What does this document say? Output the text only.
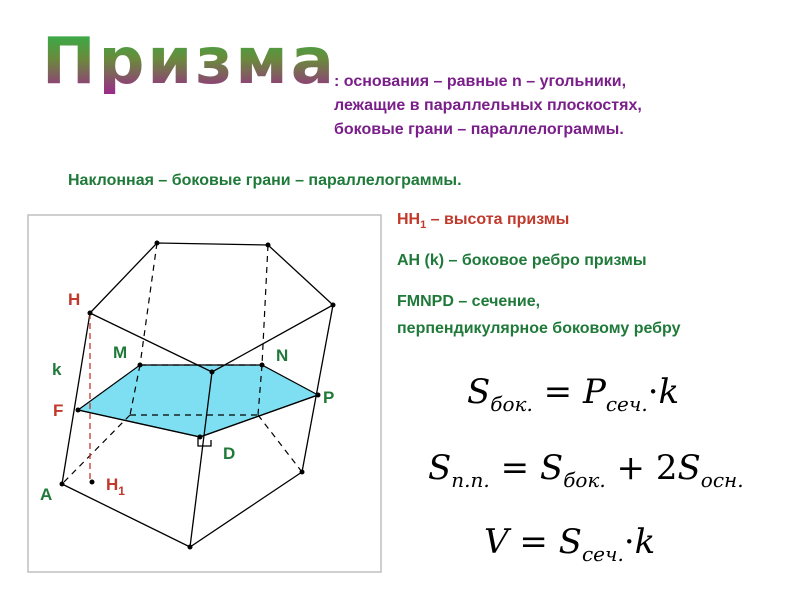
Призма
: основания – равные n – угольники,
лежащие в параллельных плоскостях,
боковые грани – параллелограммы.
Наклонная – боковые грани – параллелограммы.
$HH_1$ – высота призмы
AH (k) – боковое ребро призмы
FMNPD – сечение,
перпендикулярное боковому ребру
H
M	N
k
F
P
D
A
$H_1$
$S_{бок.} = P_{сеч.}\cdot k$
$S_{п.п.} = S_{бок.} + 2S_{осн.}$
$V = S_{сеч.}\cdot k$
